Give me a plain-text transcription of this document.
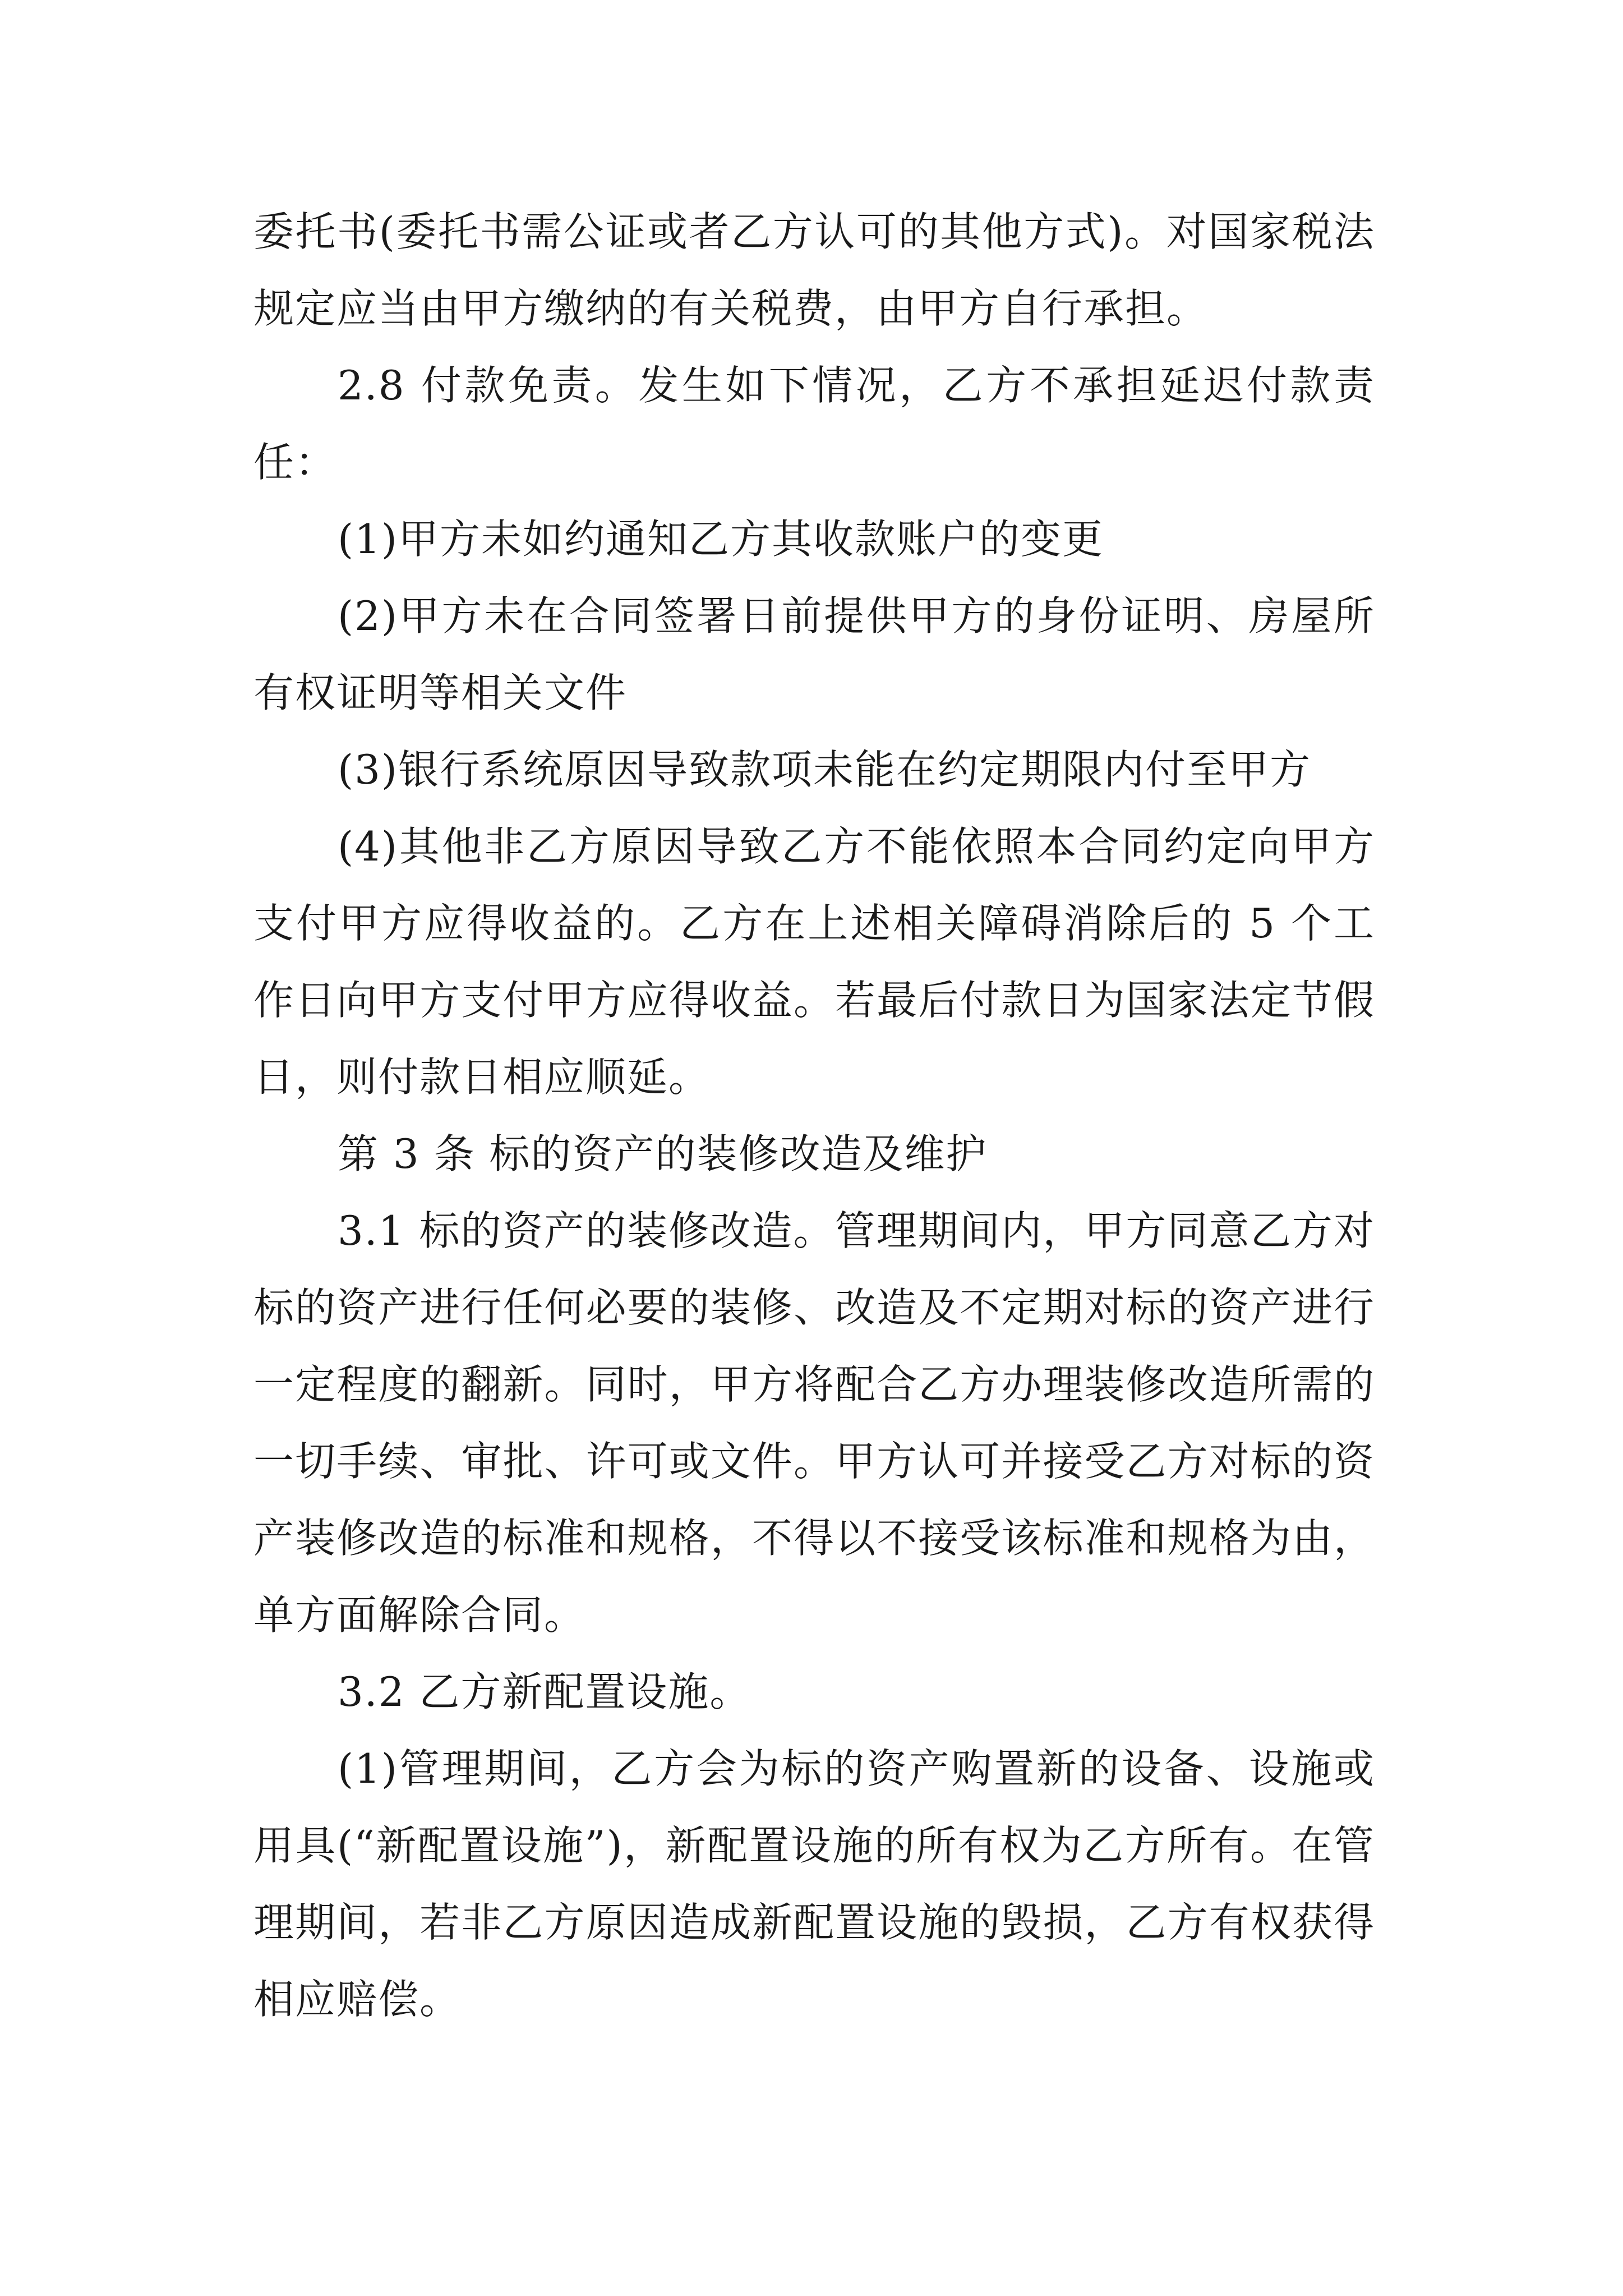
委托书(委托书需公证或者乙方认可的其他方式)。对国家税法规定应当由甲方缴纳的有关税费，由甲方自行承担。

2.8 付款免责。发生如下情况，乙方不承担延迟付款责任：

(1)甲方未如约通知乙方其收款账户的变更

(2)甲方未在合同签署日前提供甲方的身份证明、房屋所有权证明等相关文件

(3)银行系统原因导致款项未能在约定期限内付至甲方

(4)其他非乙方原因导致乙方不能依照本合同约定向甲方支付甲方应得收益的。乙方在上述相关障碍消除后的 5 个工作日向甲方支付甲方应得收益。若最后付款日为国家法定节假日，则付款日相应顺延。

第 3 条 标的资产的装修改造及维护

3.1 标的资产的装修改造。管理期间内，甲方同意乙方对标的资产进行任何必要的装修、改造及不定期对标的资产进行一定程度的翻新。同时，甲方将配合乙方办理装修改造所需的一切手续、审批、许可或文件。甲方认可并接受乙方对标的资产装修改造的标准和规格，不得以不接受该标准和规格为由，单方面解除合同。

3.2 乙方新配置设施。

(1)管理期间，乙方会为标的资产购置新的设备、设施或用具(“新配置设施”)，新配置设施的所有权为乙方所有。在管理期间，若非乙方原因造成新配置设施的毁损，乙方有权获得相应赔偿。
